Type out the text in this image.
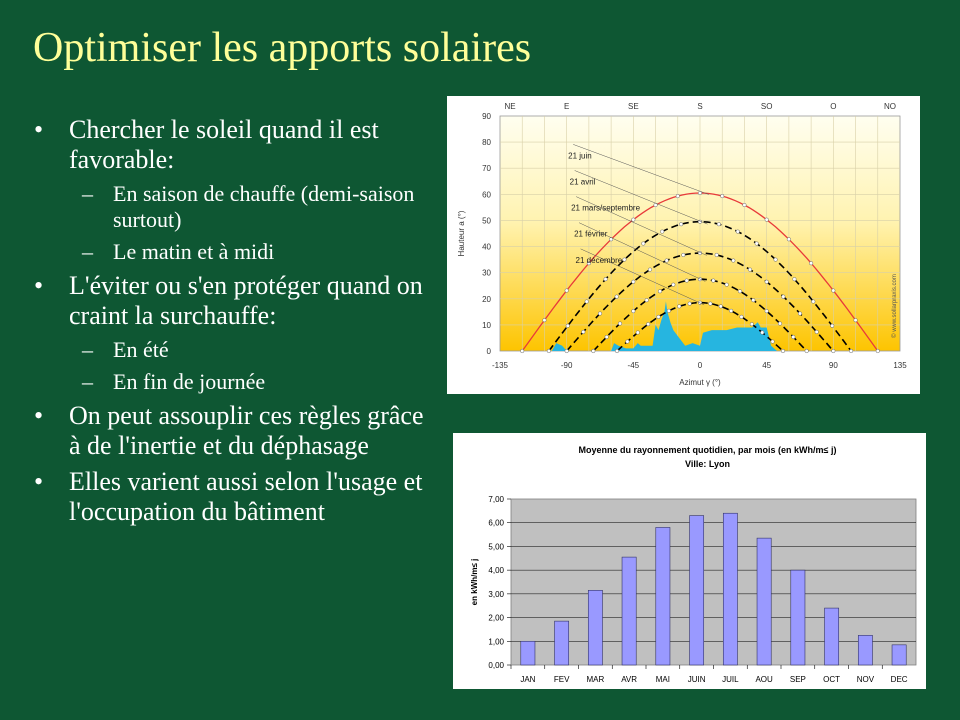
Optimiser les apports solaires
• Chercher le soleil quand il est favorable:
– En saison de chauffe (demi-saison surtout)
– Le matin et à midi
• L'éviter ou s'en protéger quand on craint la surchauffe:
– En été
– En fin de journée
• On peut assouplir ces règles grâce à de l'inertie et du déphasage
• Elles varient aussi selon l'usage et l'occupation du bâtiment
0
10
20
30
40
50
60
70
80
90
-135	-90	-45	0	45	90	135
NE	E	SE	S	SO	O	NO
Azimut γ (°)
Hauteur a (°)
© www.sollarpraxis.com
21 juin
21 avril
21 mars/septembre
21 février
21 décembre
Moyenne du rayonnement quotidien, par mois (en kWh/m≤ j)
Ville: Lyon
0,00
1,00
2,00
3,00
4,00
5,00
6,00
7,00
en kWh/m≤ j
JAN FEV MAR AVR MAI JUIN JUIL AOU SEP OCT NOV DEC
